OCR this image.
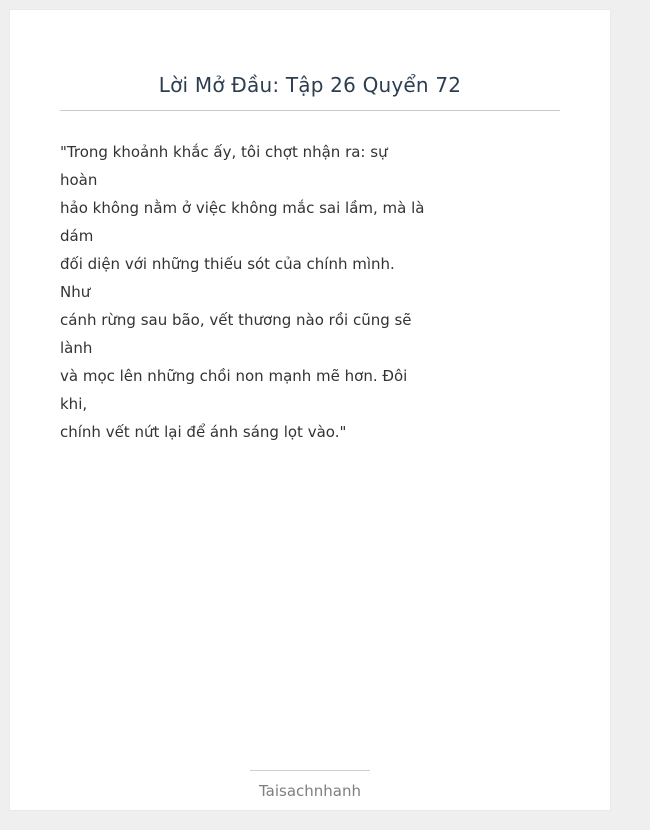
Lời Mở Đầu: Tập 26 Quyển 72

"Trong khoảnh khắc ấy, tôi chợt nhận ra: sự
hoàn
hảo không nằm ở việc không mắc sai lầm, mà là
dám
đối diện với những thiếu sót của chính mình.
Như
cánh rừng sau bão, vết thương nào rồi cũng sẽ
lành
và mọc lên những chồi non mạnh mẽ hơn. Đôi
khi,
chính vết nứt lại để ánh sáng lọt vào."

Taisachnhanh
